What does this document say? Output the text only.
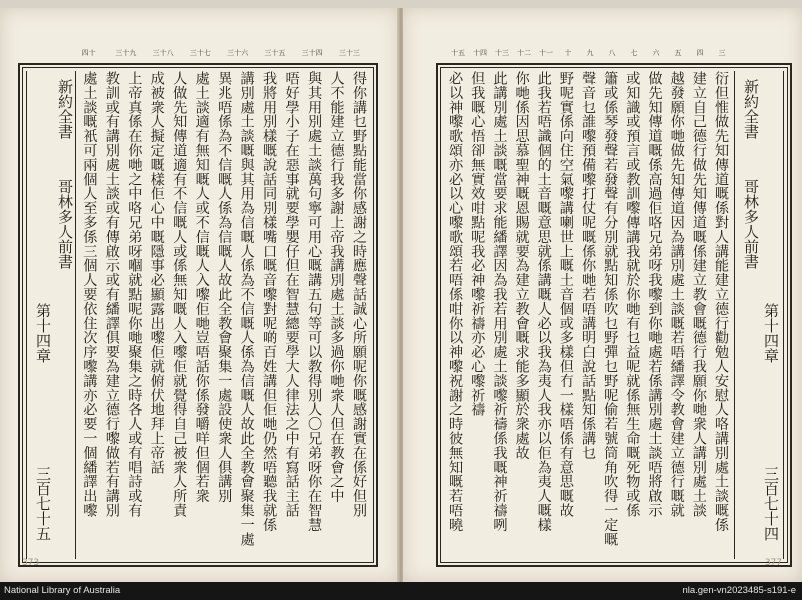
三十三
三十四
三十五
三十六
三十七
三十八
三十九
四十
新約全書
哥林多人前書
第十四章
三百七十五	得你講乜野點能當你感謝之時應聲話誠心所願呢你嘅感謝實在係好但別
人不能建立德行我多謝上帝我講別處土談多過你哋衆人但在教會之中
與其用別處土談萬句寧可用心嘅講五句等可以教得別人〇兄弟呀你在智慧
唔好學小子在惡事就要學嬰仔但在智慧總要學大人律法之中有寫話主話
我將用別樣嘅說話同別樣嘴口嘅音嚟對呢啲百姓講但佢哋仍然唔聽我就係
講別處土談嘅與其用為信嘅人係為不信嘅人係為信嘅人故此全教會聚集一處
異兆唔係為不信嘅人係為信嘅人故此全教會聚集一處設使衆人俱講別
處土談適有無知嘅人或不信嘅人入嚟佢哋豈唔話你係發嚼咩但個若衆
人做先知傳道適有不信嘅人或係無知嘅人入嚟佢就覺得自己被衆人所責
成被衆人擬定嘅樣佢心中嘅隱事必顯露出嚟佢就俯伏地拜上帝話
上帝真係在你哋之中咯兄弟呀嗰就點呢你哋聚集之時各人或有唱詩或有
教訓或有講別處土談或有傳啟示或有繙譯俱要為建立德行嚟做若有講別
處土談嘅衹可兩個人至多係三個人要依住次序嚟講亦必要一個繙譯出嚟
373
三
四
五
六
七
八
九
十
十一
十二
十三
十四
十五
新約全書
哥林多人前書
第十四章
三百七十四
衍但惟做先知傳道嘅係對人講能建立德行勸勉人安慰人咯講別處土談嘅係
建立自己德行做先知傳道嘅係建立教會嘅德行我願你哋衆人講別處土談
越發願你哋做先知傳道因為講別處土談嘅若唔繙譯令教會建立德行嘅就
做先知傳道嘅係高過佢咯兄弟呀我嚟到你哋處若係講別處土談唔將啟示
或知識或預言或教訓嚟傳講我就於你哋有乜益呢就係無生命嘅死物或係
簫或係琴發聲若發聲有分別就點知係吹乜野彈乜野呢偷若號筒角吹得一定嘅
聲音乜誰嚟預備嚟打仗呢嘅係你哋若唔講明白說話點知係講乜
野呢實係向住空氣嚟講喇世上嘅土音個或多樣但冇一樣唔係有意思嘅故
此我若唔識個的土音嘅意思就係講嘅人必以我為夷人我亦以佢為夷人嘅樣
你哋係因思慕聖神嘅恩賜就要為建立教會嘅求能多顯於衆處故
此講別處土談嘅當要求能繙譯因為我若用別處土談嚟祈禱係我嘅神祈禱咧
但我嘅心悟卻無實效咁點呢我必神嚟祈禱亦必心嚟祈禱
必以神嚟歌頌亦必以心嚟歌頌若唔係咁你以神嚟祝謝之時彼無知嘅若唔曉
377
National Library of Australia	nla.gen-vn2023485-s191-e
